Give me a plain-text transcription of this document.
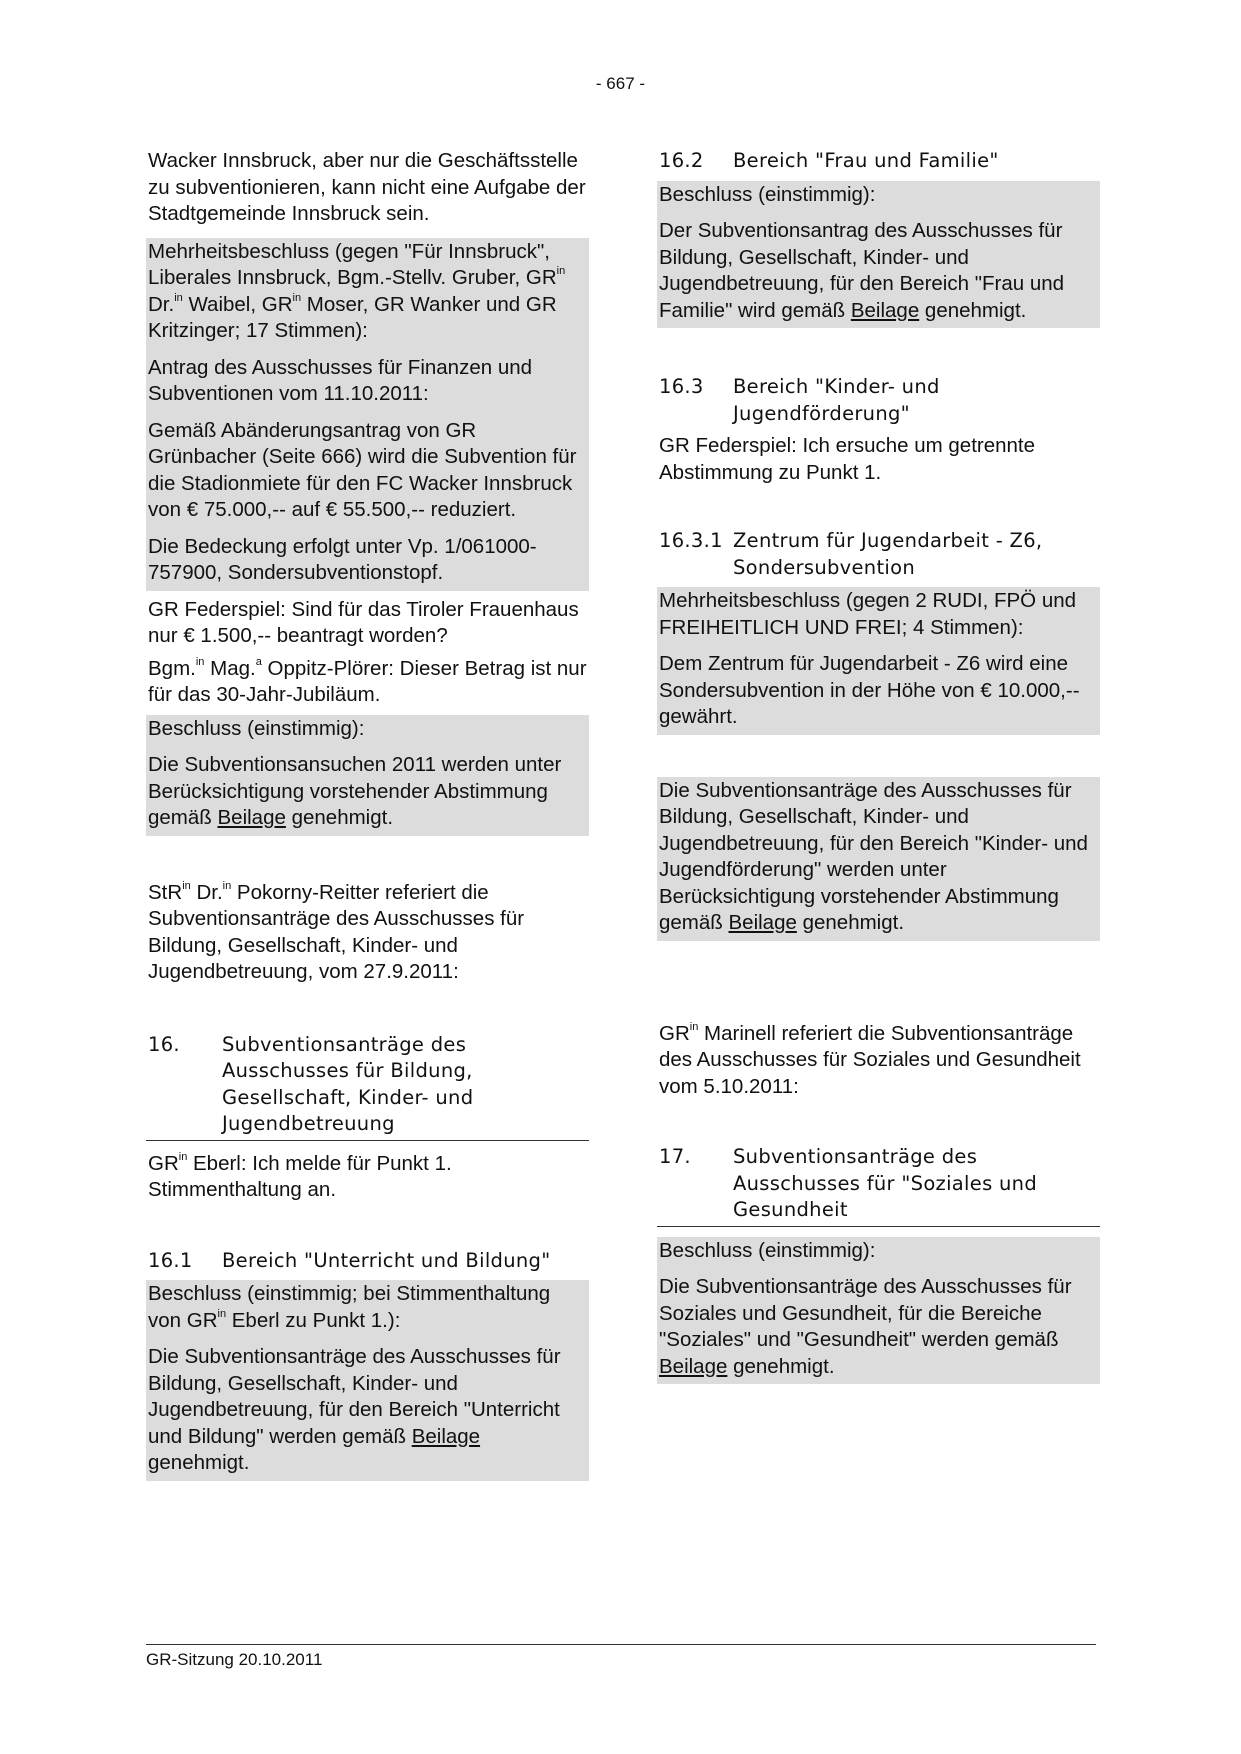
- 667 -

Wacker Innsbruck, aber nur die Geschäftsstelle zu subventionieren, kann nicht eine Aufgabe der Stadtgemeinde Innsbruck sein.

Mehrheitsbeschluss (gegen "Für Innsbruck", Liberales Innsbruck, Bgm.-Stellv. Gruber, $GR^{in}$ Dr.$^{in}$ Waibel, $GR^{in}$ Moser, GR Wanker und GR Kritzinger; 17 Stimmen):

Antrag des Ausschusses für Finanzen und Subventionen vom 11.10.2011:

Gemäß Abänderungsantrag von GR Grünbacher (Seite 666) wird die Subvention für die Stadionmiete für den FC Wacker Innsbruck von € 75.000,-- auf € 55.500,-- reduziert.

Die Bedeckung erfolgt unter Vp. 1/061000-757900, Sondersubventionstopf.

GR Federspiel: Sind für das Tiroler Frauenhaus nur € 1.500,-- beantragt worden?

Bgm.$^{in}$ Mag.$^a$ Oppitz-Plörer: Dieser Betrag ist nur für das 30-Jahr-Jubiläum.

Beschluss (einstimmig):

Die Subventionsansuchen 2011 werden unter Berücksichtigung vorstehender Abstimmung gemäß Beilage genehmigt.

StR$^{in}$ Dr.$^{in}$ Pokorny-Reitter referiert die Subventionsanträge des Ausschusses für Bildung, Gesellschaft, Kinder- und Jugendbetreuung, vom 27.9.2011:

16.	Subventionsanträge des Ausschusses für Bildung, Gesellschaft, Kinder- und Jugendbetreuung

$GR^{in}$ Eberl: Ich melde für Punkt 1. Stimmenthaltung an.

16.1	Bereich "Unterricht und Bildung"

Beschluss (einstimmig; bei Stimmenthaltung von $GR^{in}$ Eberl zu Punkt 1.):

Die Subventionsanträge des Ausschusses für Bildung, Gesellschaft, Kinder- und Jugendbetreuung, für den Bereich "Unterricht und Bildung" werden gemäß Beilage genehmigt.

16.2	Bereich "Frau und Familie"

Beschluss (einstimmig):

Der Subventionsantrag des Ausschusses für Bildung, Gesellschaft, Kinder- und Jugendbetreuung, für den Bereich "Frau und Familie" wird gemäß Beilage genehmigt.

16.3	Bereich "Kinder- und Jugendförderung"

GR Federspiel: Ich ersuche um getrennte Abstimmung zu Punkt 1.

16.3.1 Zentrum für Jugendarbeit - Z6, Sondersubvention

Mehrheitsbeschluss (gegen 2 RUDI, FPÖ und FREIHEITLICH UND FREI; 4 Stimmen):

Dem Zentrum für Jugendarbeit - Z6 wird eine Sondersubvention in der Höhe von € 10.000,-- gewährt.

Die Subventionsanträge des Ausschusses für Bildung, Gesellschaft, Kinder- und Jugendbetreuung, für den Bereich "Kinder- und Jugendförderung" werden unter Berücksichtigung vorstehender Abstimmung gemäß Beilage genehmigt.

$GR^{in}$ Marinell referiert die Subventionsanträge des Ausschusses für Soziales und Gesundheit vom 5.10.2011:

17.	Subventionsanträge des Ausschusses für "Soziales und Gesundheit

Beschluss (einstimmig):

Die Subventionsanträge des Ausschusses für Soziales und Gesundheit, für die Bereiche "Soziales" und "Gesundheit" werden gemäß Beilage genehmigt.

GR-Sitzung 20.10.2011
